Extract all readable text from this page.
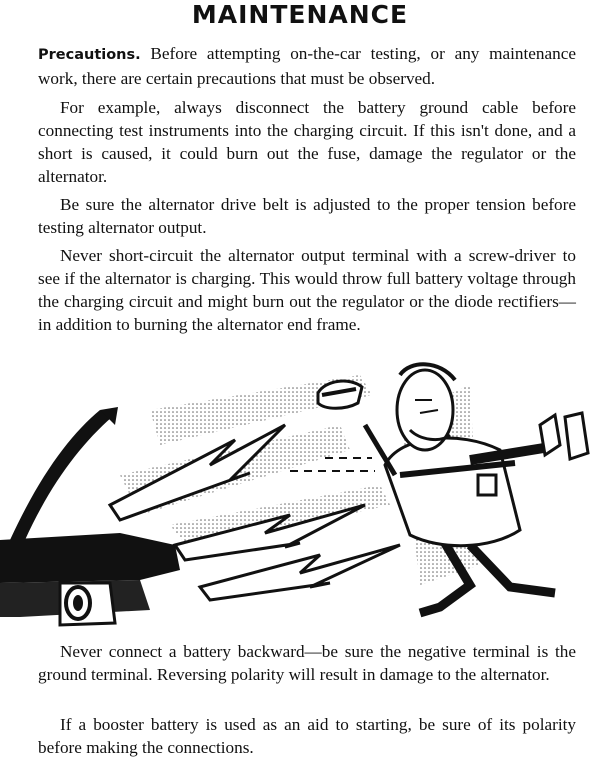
MAINTENANCE

Precautions. Before attempting on-the-car testing, or any maintenance work, there are certain precautions that must be observed.

For example, always disconnect the battery ground cable before connecting test instruments into the charging circuit. If this isn't done, and a short is caused, it could burn out the fuse, damage the regulator or the alternator.

Be sure the alternator drive belt is adjusted to the proper tension before testing alternator output.

Never short-circuit the alternator output terminal with a screw-driver to see if the alternator is charging. This would throw full battery voltage through the charging circuit and might burn out the regulator or the diode rectifiers—in addition to burning the alternator end frame.

Never connect a battery backward—be sure the negative terminal is the ground terminal. Reversing polarity will result in damage to the alternator.

If a booster battery is used as an aid to starting, be sure of its polarity before making the connections.
